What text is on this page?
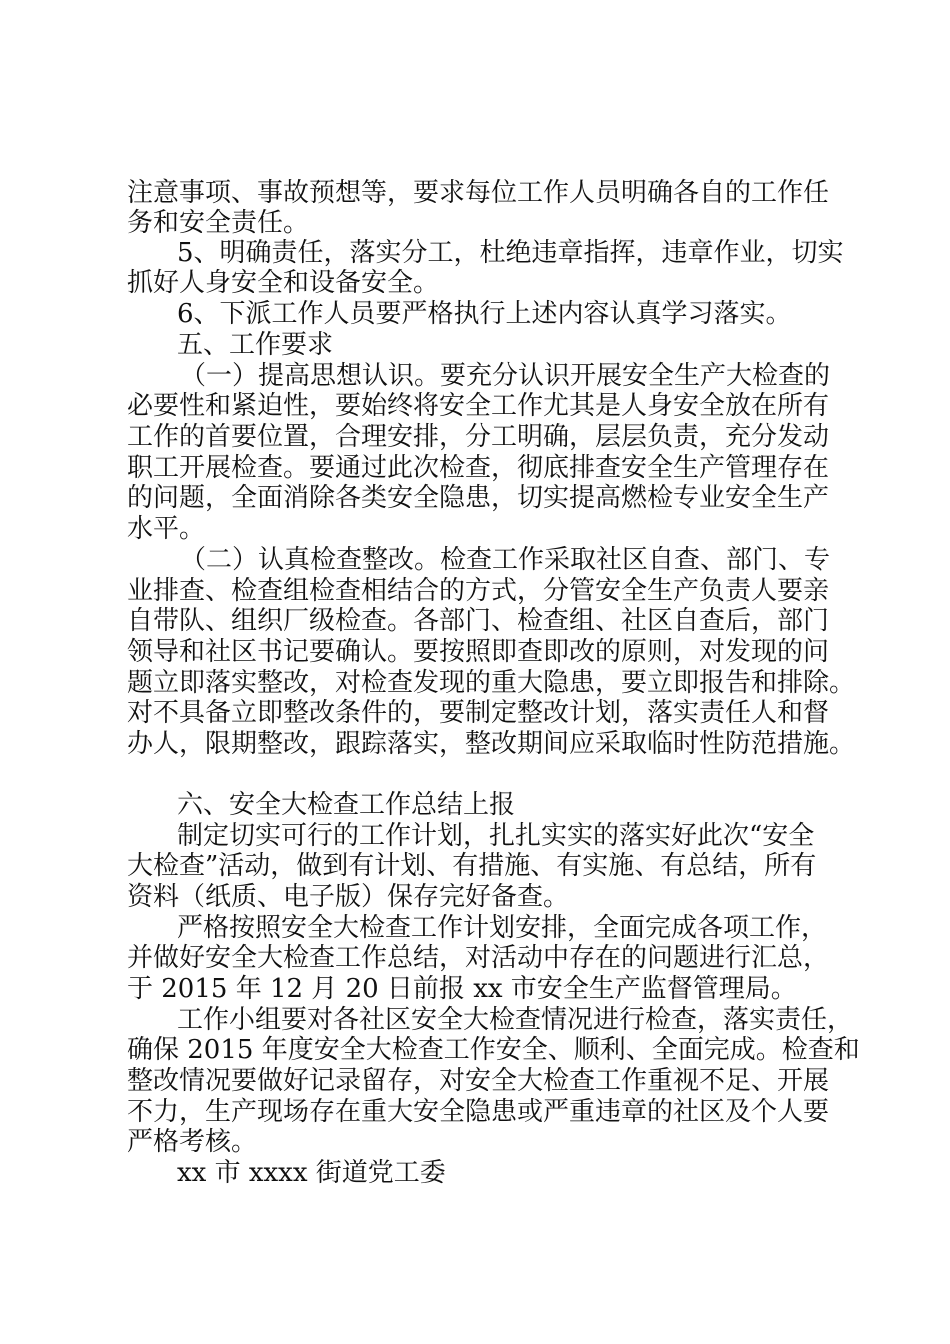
注意事项、事故预想等，要求每位工作人员明确各自的工作任
务和安全责任。
5、明确责任，落实分工，杜绝违章指挥，违章作业，切实
抓好人身安全和设备安全。
6、下派工作人员要严格执行上述内容认真学习落实。
五、工作要求
（一）提高思想认识。要充分认识开展安全生产大检查的
必要性和紧迫性，要始终将安全工作尤其是人身安全放在所有
工作的首要位置，合理安排，分工明确，层层负责，充分发动
职工开展检查。要通过此次检查，彻底排查安全生产管理存在
的问题，全面消除各类安全隐患，切实提高燃检专业安全生产
水平。
（二）认真检查整改。检查工作采取社区自查、部门、专
业排查、检查组检查相结合的方式，分管安全生产负责人要亲
自带队、组织厂级检查。各部门、检查组、社区自查后，部门
领导和社区书记要确认。要按照即查即改的原则，对发现的问
题立即落实整改，对检查发现的重大隐患，要立即报告和排除。
对不具备立即整改条件的，要制定整改计划，落实责任人和督
办人，限期整改，跟踪落实，整改期间应采取临时性防范措施。
六、安全大检查工作总结上报
制定切实可行的工作计划，扎扎实实的落实好此次“安全
大检查”活动，做到有计划、有措施、有实施、有总结，所有
资料（纸质、电子版）保存完好备查。
严格按照安全大检查工作计划安排，全面完成各项工作，
并做好安全大检查工作总结，对活动中存在的问题进行汇总，
于 2015 年 12 月 20 日前报 xx 市安全生产监督管理局。
工作小组要对各社区安全大检查情况进行检查，落实责任，
确保 2015 年度安全大检查工作安全、顺利、全面完成。检查和
整改情况要做好记录留存，对安全大检查工作重视不足、开展
不力，生产现场存在重大安全隐患或严重违章的社区及个人要
严格考核。
xx 市 xxxx 街道党工委
